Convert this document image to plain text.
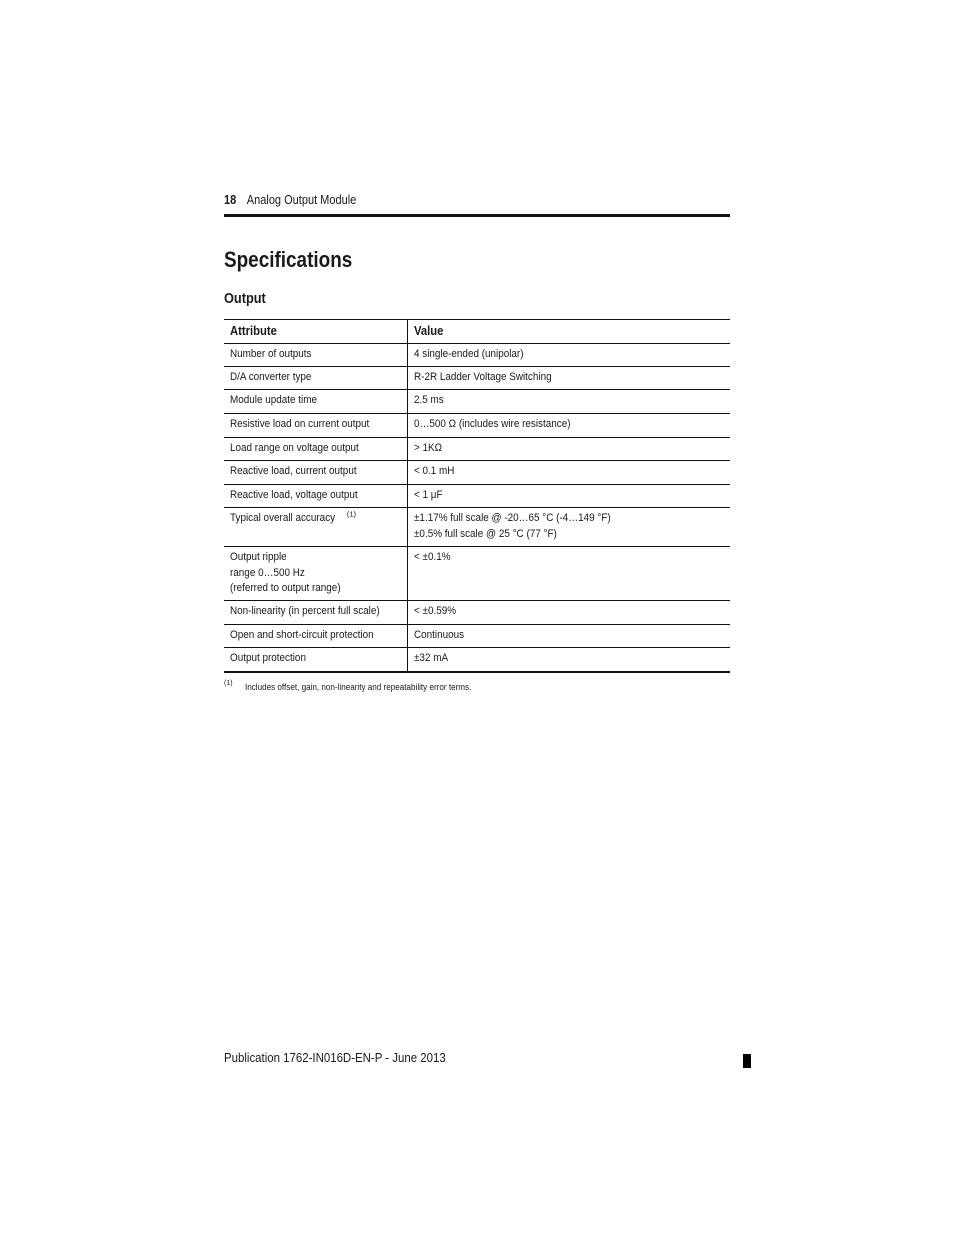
18 Analog Output Module
Specifications
Output
Attribute	Value

Number of outputs	4 single-ended (unipolar)

D/A converter type	R-2R Ladder Voltage Switching

Module update time	2.5 ms

Resistive load on current output	0…500 Ω (includes wire resistance)

Load range on voltage output	> 1KΩ

Reactive load, current output	< 0.1 mH

Reactive load, voltage output	< 1 μF

Typical overall accuracy $^{(1)}$	±1.17% full scale @ -20…65 °C (-4…149 °F)
±0.5% full scale @ 25 °C (77 °F)

Output ripple
range 0…500 Hz
(referred to output range)	< ±0.1%

Non-linearity (in percent full scale)	< ±0.59%

Open and short-circuit protection	Continuous

Output protection	±32 mA
(1) Includes offset, gain, non-linearity and repeatability error terms.
Publication 1762-IN016D-EN-P - June 2013
